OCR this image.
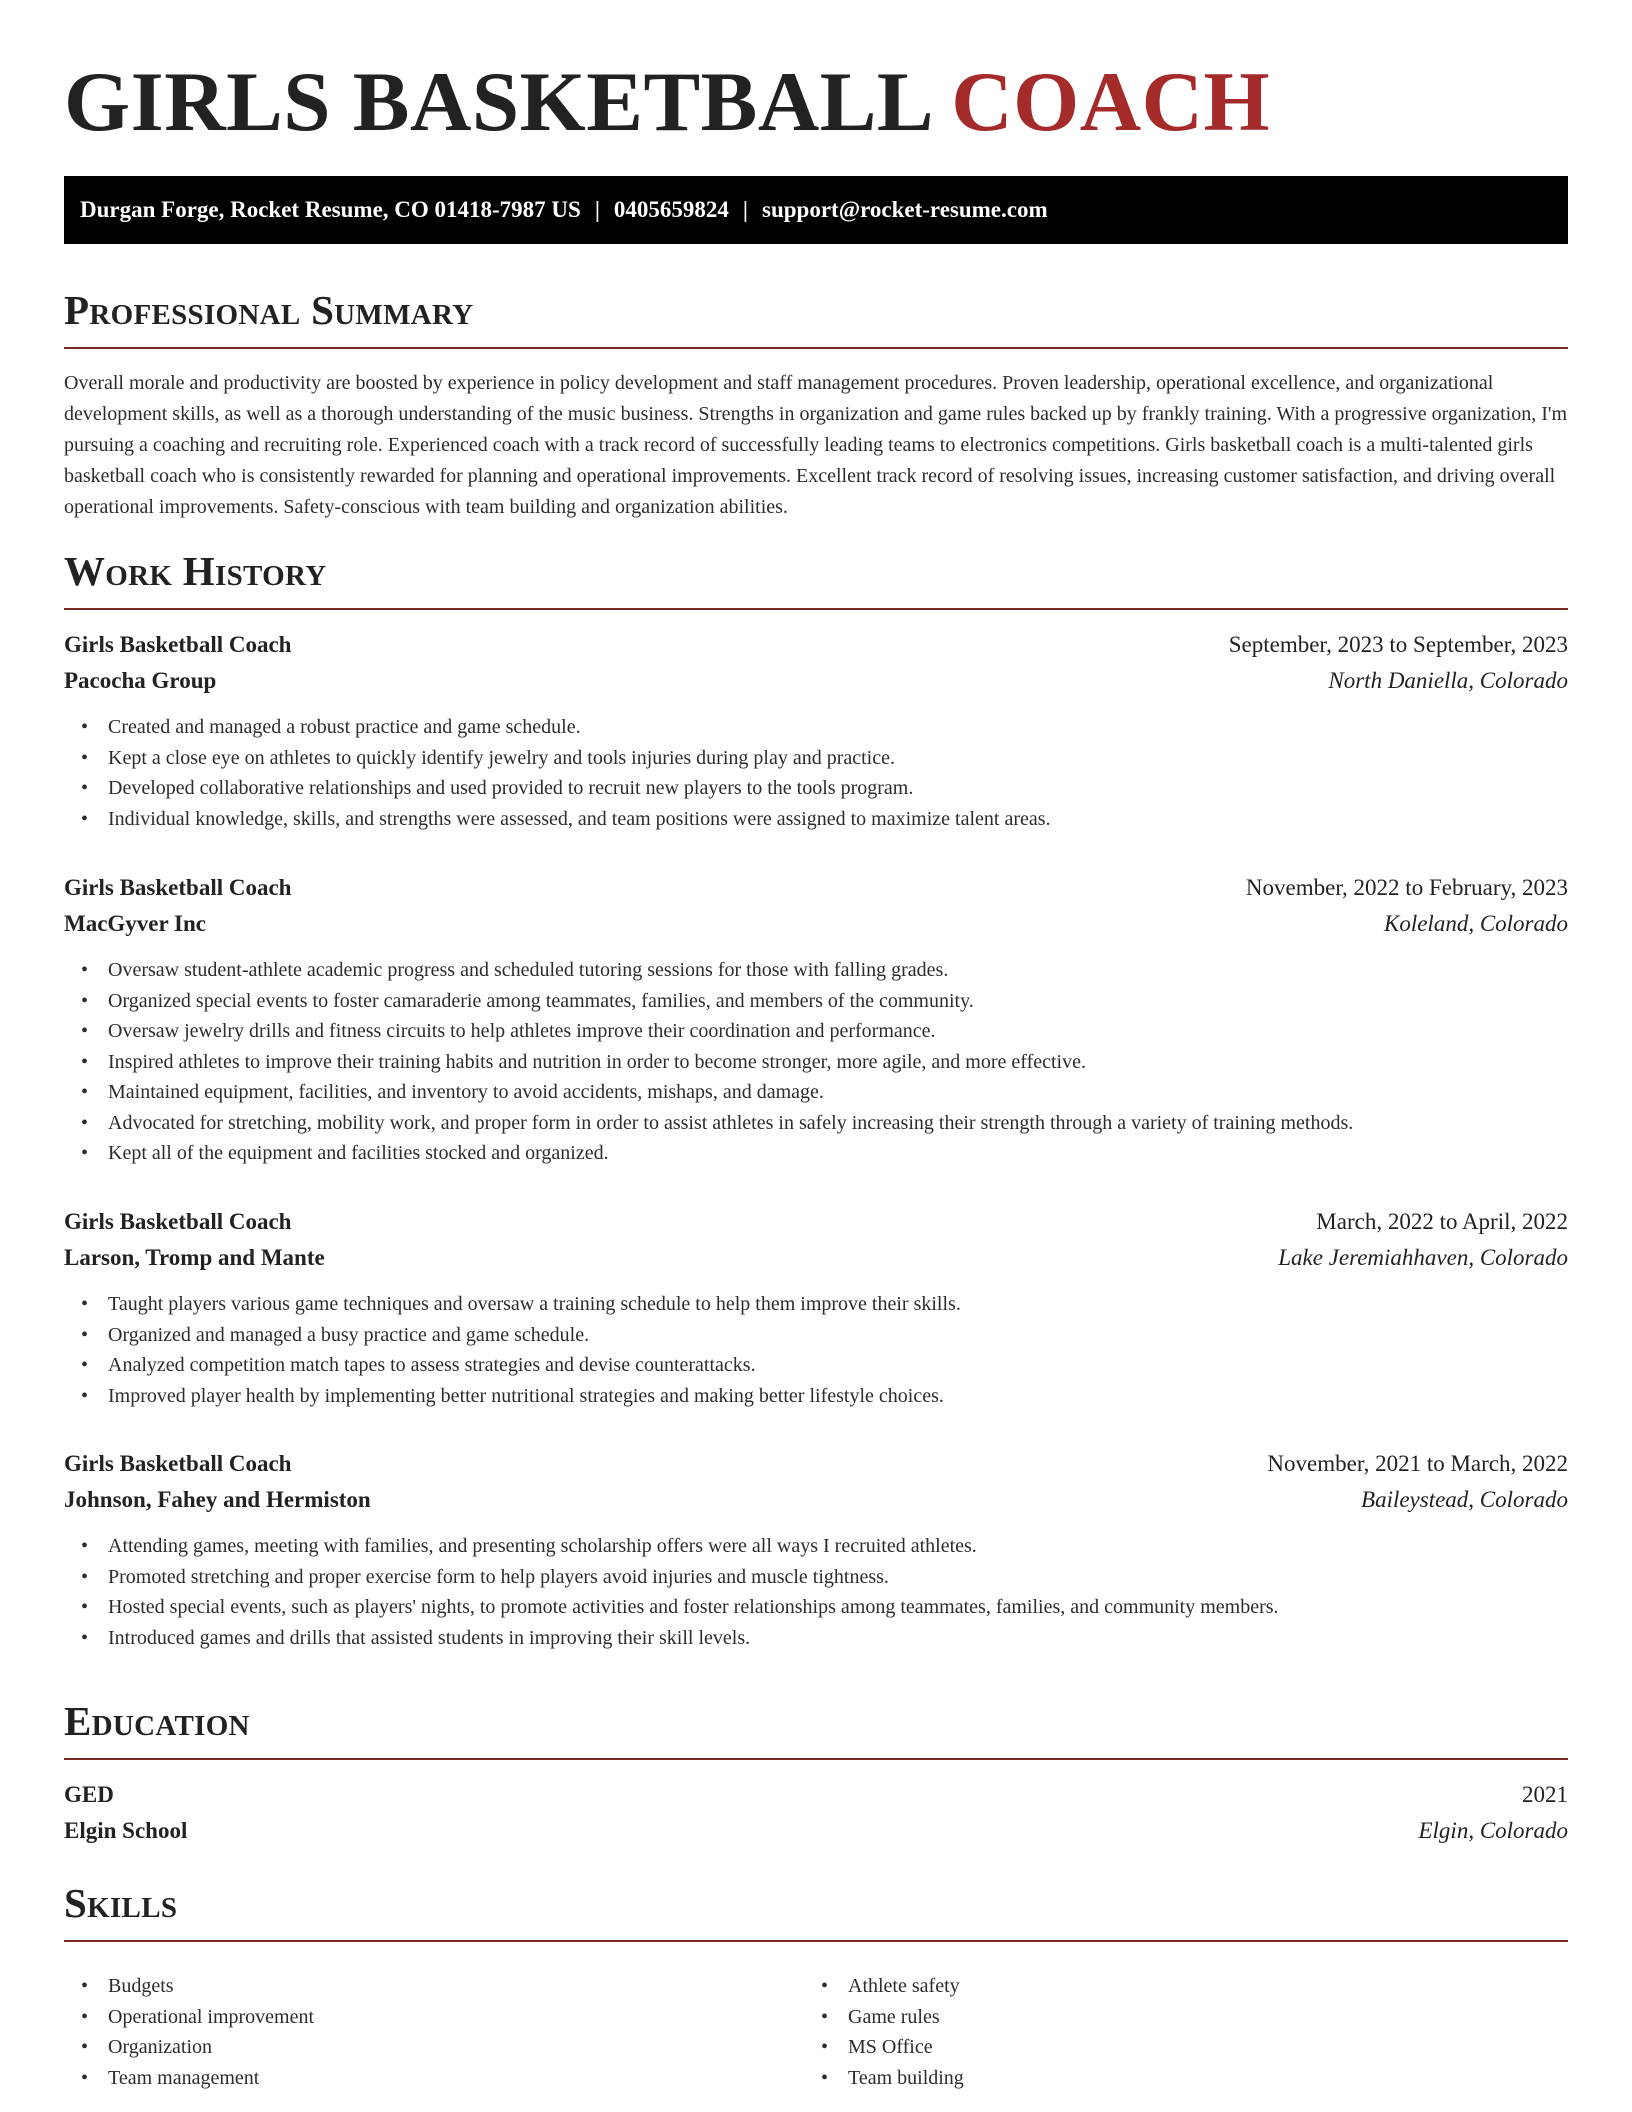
GIRLS BASKETBALL COACH
Durgan Forge, Rocket Resume, CO 01418-7987 US | 0405659824 | support@rocket-resume.com
Professional Summary

Overall morale and productivity are boosted by experience in policy development and staff management procedures. Proven leadership, operational excellence, and organizational development skills, as well as a thorough understanding of the music business. Strengths in organization and game rules backed up by frankly training. With a progressive organization, I'm pursuing a coaching and recruiting role. Experienced coach with a track record of successfully leading teams to electronics competitions. Girls basketball coach is a multi-talented girls basketball coach who is consistently rewarded for planning and operational improvements. Excellent track record of resolving issues, increasing customer satisfaction, and driving overall operational improvements. Safety-conscious with team building and organization abilities.

Work History
Girls Basketball Coach	September, 2023 to September, 2023
Pacocha Group	North Daniella, Colorado
• Created and managed a robust practice and game schedule.
• Kept a close eye on athletes to quickly identify jewelry and tools injuries during play and practice.
• Developed collaborative relationships and used provided to recruit new players to the tools program.
• Individual knowledge, skills, and strengths were assessed, and team positions were assigned to maximize talent areas.
Girls Basketball Coach	November, 2022 to February, 2023
MacGyver Inc	Koleland, Colorado
• Oversaw student-athlete academic progress and scheduled tutoring sessions for those with falling grades.
• Organized special events to foster camaraderie among teammates, families, and members of the community.
• Oversaw jewelry drills and fitness circuits to help athletes improve their coordination and performance.
• Inspired athletes to improve their training habits and nutrition in order to become stronger, more agile, and more effective.
• Maintained equipment, facilities, and inventory to avoid accidents, mishaps, and damage.
• Advocated for stretching, mobility work, and proper form in order to assist athletes in safely increasing their strength through a variety of training methods.
• Kept all of the equipment and facilities stocked and organized.
Girls Basketball Coach	March, 2022 to April, 2022
Larson, Tromp and Mante	Lake Jeremiahhaven, Colorado
• Taught players various game techniques and oversaw a training schedule to help them improve their skills.
• Organized and managed a busy practice and game schedule.
• Analyzed competition match tapes to assess strategies and devise counterattacks.
• Improved player health by implementing better nutritional strategies and making better lifestyle choices.
Girls Basketball Coach	November, 2021 to March, 2022
Johnson, Fahey and Hermiston	Baileystead, Colorado
• Attending games, meeting with families, and presenting scholarship offers were all ways I recruited athletes.
• Promoted stretching and proper exercise form to help players avoid injuries and muscle tightness.
• Hosted special events, such as players' nights, to promote activities and foster relationships among teammates, families, and community members.
• Introduced games and drills that assisted students in improving their skill levels.
Education
GED	2021
Elgin School	Elgin, Colorado
Skills
• Budgets
• Operational improvement
• Organization
• Team management
• Athlete safety
• Game rules
• MS Office
• Team building
